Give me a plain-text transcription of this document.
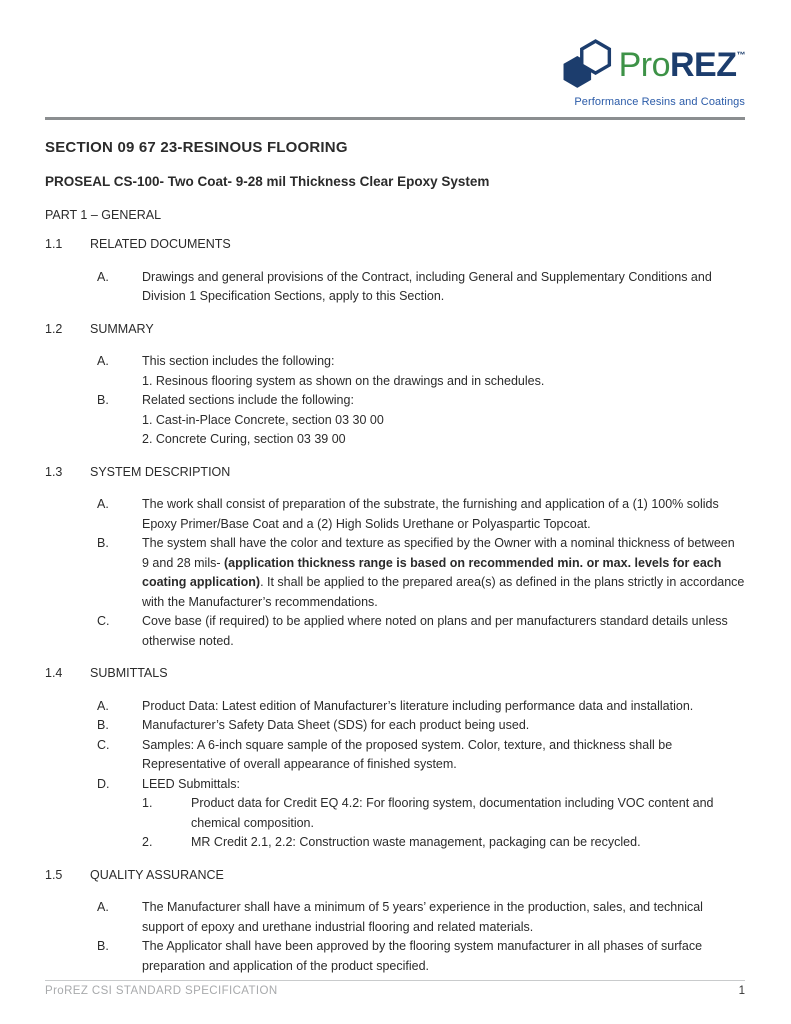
ProREZ™
Performance Resins and Coatings
SECTION 09 67 23-RESINOUS FLOORING
PROSEAL CS-100- Two Coat- 9-28 mil Thickness Clear Epoxy System
PART 1 – GENERAL
1.1	RELATED DOCUMENTS
A.	Drawings and general provisions of the Contract, including General and Supplementary Conditions and Division 1 Specification Sections, apply to this Section.

1.2	SUMMARY
A.	This section includes the following:

1. Resinous flooring system as shown on the drawings and in schedules.
B.	Related sections include the following:

1. Cast-in-Place Concrete, section 03 30 00
2. Concrete Curing, section 03 39 00
1.3	SYSTEM DESCRIPTION
A.	The work shall consist of preparation of the substrate, the furnishing and application of a (1) 100% solids Epoxy Primer/Base Coat and a (2) High Solids Urethane or Polyaspartic Topcoat.

B.	The system shall have the color and texture as specified by the Owner with a nominal thickness of between 9 and 28 mils- (application thickness range is based on recommended min. or max. levels for each coating application). It shall be applied to the prepared area(s) as defined in the plans strictly in accordance with the Manufacturer’s recommendations.

C.	Cove base (if required) to be applied where noted on plans and per manufacturers standard details unless otherwise noted.

1.4	SUBMITTALS
A.	Product Data: Latest edition of Manufacturer’s literature including performance data and installation.

B.	Manufacturer’s Safety Data Sheet (SDS) for each product being used.

C.	Samples: A 6-inch square sample of the proposed system. Color, texture, and thickness shall be Representative of overall appearance of finished system.

D.	LEED Submittals:

1.	Product data for Credit EQ 4.2: For flooring system, documentation including VOC content and chemical composition.
2.	MR Credit 2.1, 2.2: Construction waste management, packaging can be recycled.
1.5	QUALITY ASSURANCE
A.	The Manufacturer shall have a minimum of 5 years’ experience in the production, sales, and technical support of epoxy and urethane industrial flooring and related materials.

B.	The Applicator shall have been approved by the flooring system manufacturer in all phases of surface preparation and application of the product specified.

ProREZ CSI STANDARD SPECIFICATION	1
